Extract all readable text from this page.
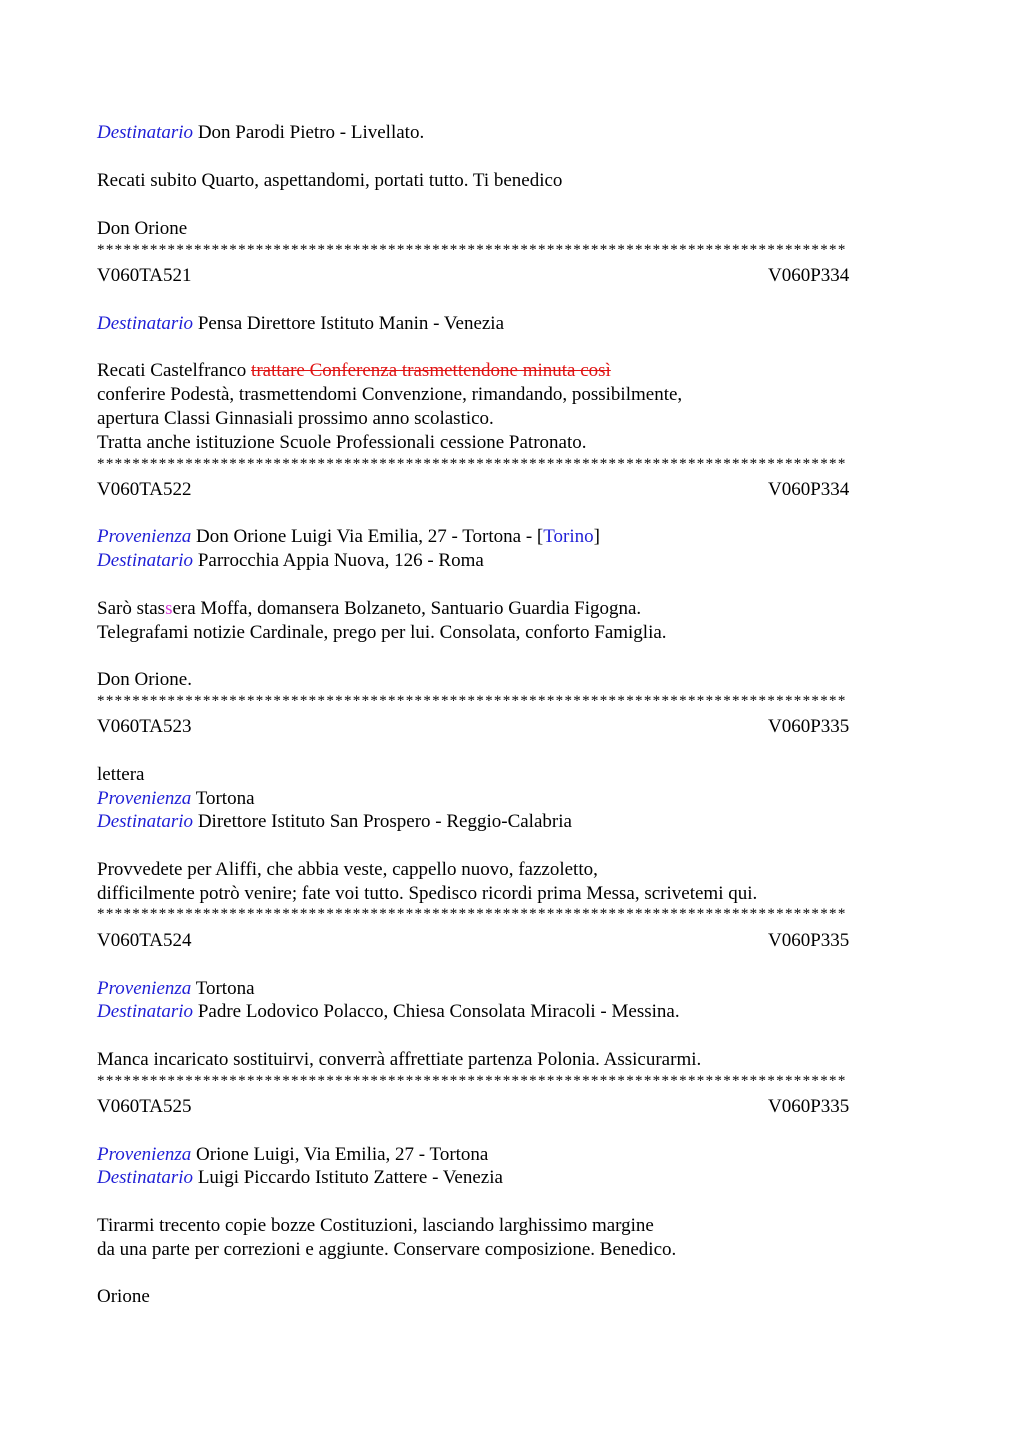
Destinatario Don Parodi Pietro - Livellato.
Recati subito Quarto, aspettandomi, portati tutto. Ti benedico
Don Orione
*************************************************************************************
V060TA521	V060P334
Destinatario Pensa Direttore Istituto Manin - Venezia
Recati Castelfranco trattare Conferenza trasmettendone minuta così
conferire Podestà, trasmettendomi Convenzione, rimandando, possibilmente,
apertura Classi Ginnasiali prossimo anno scolastico.
Tratta anche istituzione Scuole Professionali cessione Patronato.
*************************************************************************************
V060TA522	V060P334
Provenienza Don Orione Luigi Via Emilia, 27 - Tortona - [Torino]
Destinatario Parrocchia Appia Nuova, 126 - Roma
Sarò stassera Moffa, domansera Bolzaneto, Santuario Guardia Figogna.
Telegrafami notizie Cardinale, prego per lui. Consolata, conforto Famiglia.
Don Orione.
*************************************************************************************
V060TA523	V060P335
lettera
Provenienza Tortona
Destinatario Direttore Istituto San Prospero - Reggio-Calabria
Provvedete per Aliffi, che abbia veste, cappello nuovo, fazzoletto,
difficilmente potrò venire; fate voi tutto. Spedisco ricordi prima Messa, scrivetemi qui.
*************************************************************************************
V060TA524	V060P335
Provenienza Tortona
Destinatario Padre Lodovico Polacco, Chiesa Consolata Miracoli - Messina.
Manca incaricato sostituirvi, converrà affrettiate partenza Polonia. Assicurarmi.
*************************************************************************************
V060TA525	V060P335
Provenienza Orione Luigi, Via Emilia, 27 - Tortona
Destinatario Luigi Piccardo Istituto Zattere - Venezia
Tirarmi trecento copie bozze Costituzioni, lasciando larghissimo margine
da una parte per correzioni e aggiunte. Conservare composizione. Benedico.
Orione
